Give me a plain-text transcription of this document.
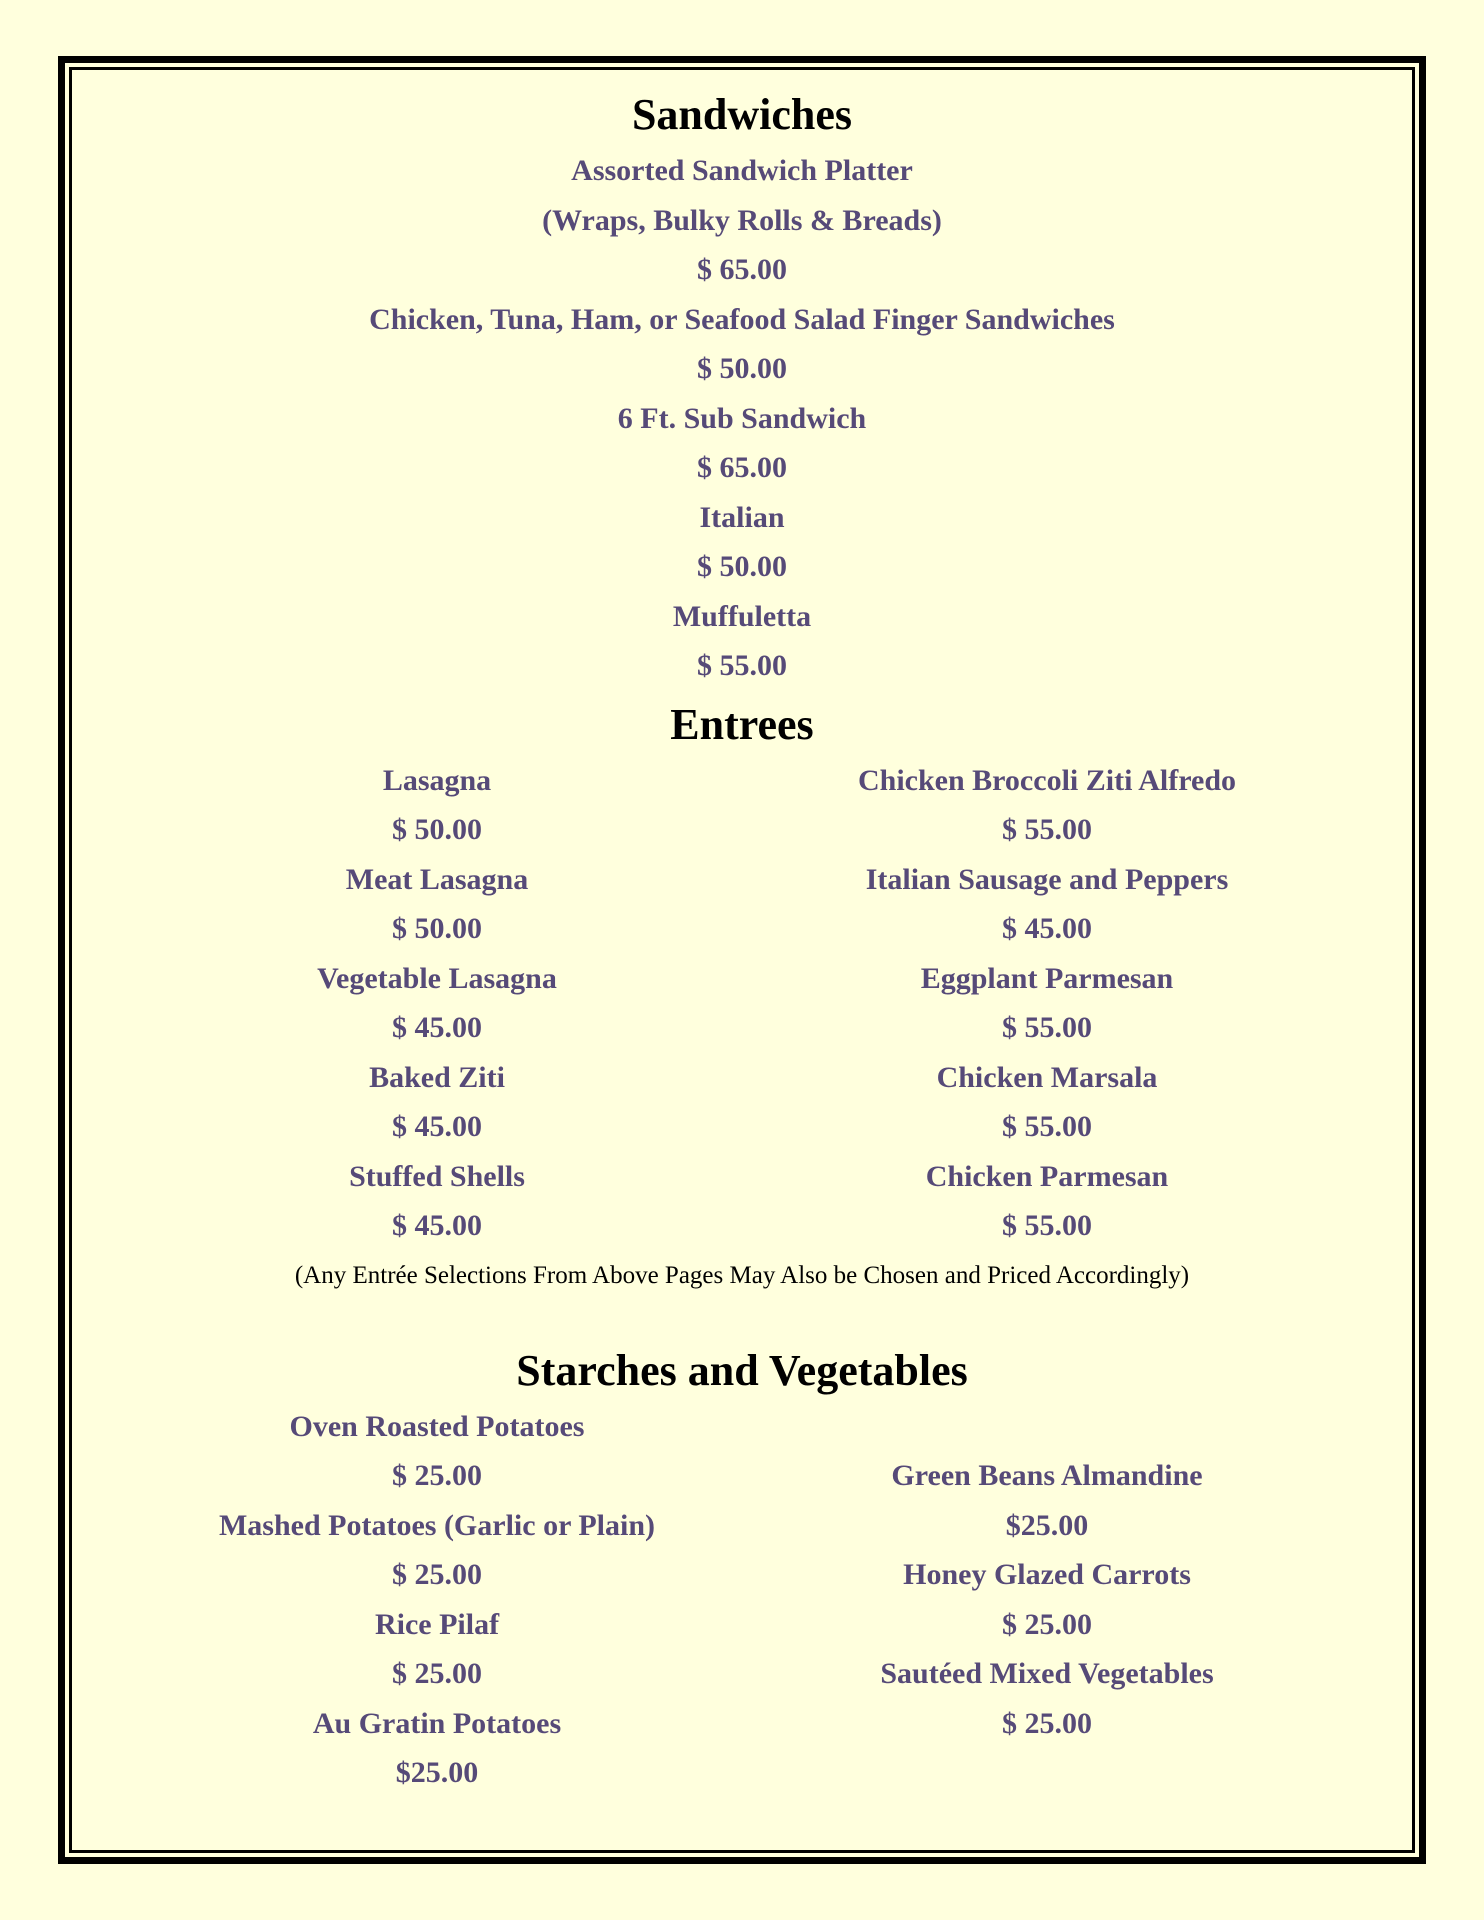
Sandwiches
Assorted Sandwich Platter
(Wraps, Bulky Rolls & Breads)
$ 65.00
Chicken, Tuna, Ham, or Seafood Salad Finger Sandwiches
$ 50.00
6 Ft. Sub Sandwich
$ 65.00
Italian
$ 50.00
Muffuletta
$ 55.00
Entrees
Lasagna
$ 50.00
Meat Lasagna
$ 50.00
Vegetable Lasagna
$ 45.00
Baked Ziti
$ 45.00
Stuffed Shells
$ 45.00
Chicken Broccoli Ziti Alfredo
$ 55.00
Italian Sausage and Peppers
$ 45.00
Eggplant Parmesan
$ 55.00
Chicken Marsala
$ 55.00
Chicken Parmesan
$ 55.00
(Any Entrée Selections From Above Pages May Also be Chosen and Priced Accordingly)
Starches and Vegetables
Oven Roasted Potatoes
$ 25.00
Mashed Potatoes (Garlic or Plain)
$ 25.00
Rice Pilaf
$ 25.00
Au Gratin Potatoes
$25.00
Green Beans Almandine
$25.00
Honey Glazed Carrots
$ 25.00
Sautéed Mixed Vegetables
$ 25.00
